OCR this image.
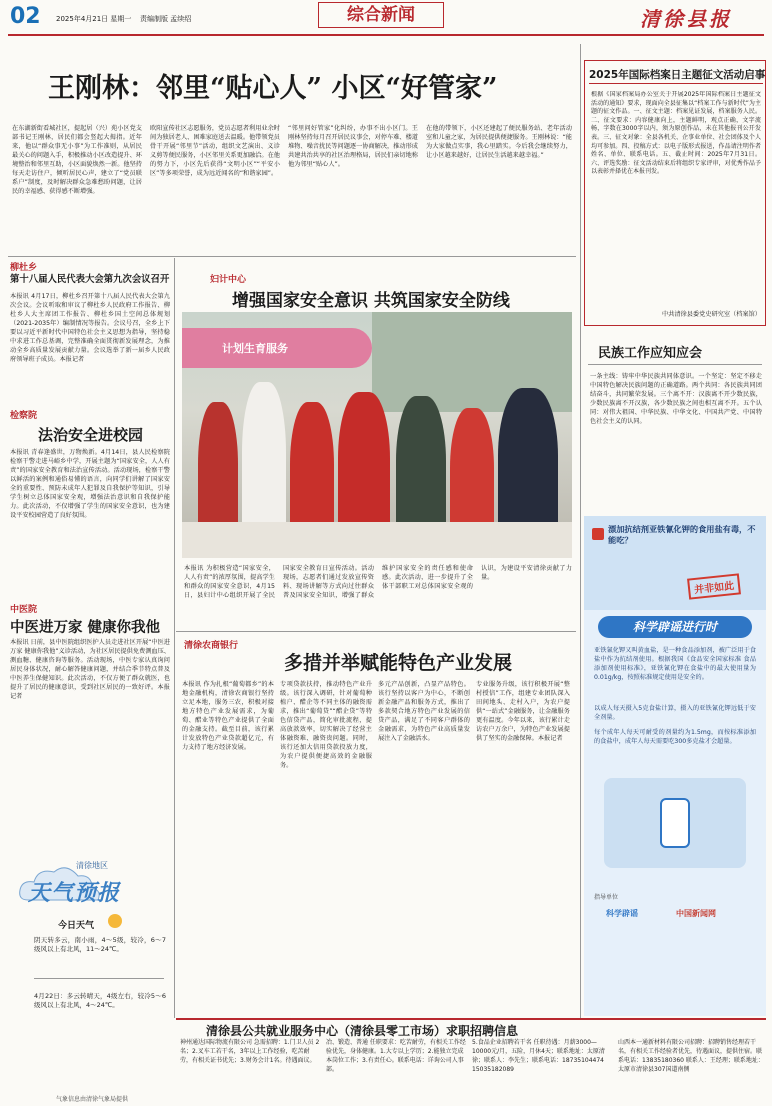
02 2025年4月21日 星期一 责编制版 孟续绍	综合新闻	清徐县报
王刚林：邻里“贴心人” 小区“好管家”
在东湖新街看城社区，提起居（兴）苑小区党支部书记王刚林，居民们都会竖起大拇指。近年来，他以“群众事无小事”为工作准则，从居民最关心的问题入手，积极推动小区改造提升、环境整治和邻里互助，小区面貌焕然一新。他坚持每天走访住户，倾听居民心声，建立了“党员联系户”制度，及时解决群众急难愁盼问题，让居民的幸福感、获得感不断增强。
欧阳宣传社区志愿服务，党员志愿者利用业余时间为独居老人、困难家庭送去温暖。他带领党员骨干开展“邻里节”活动，组织文艺演出、义诊义剪等便民服务，小区邻里关系更加融洽。在他的努力下，小区先后获得“文明小区”“平安小区”等多项荣誉，成为远近闻名的“和谐家园”。
“邻里问好管家”化纠纷，办事不出小区门。王刚林坚持每月召开居民议事会，对停车难、楼道堆物、噪音扰民等问题逐一协商解决，推动形成共建共治共享的社区治理格局，居民们亲切地称他为邻里“贴心人”。
在他的带领下，小区还建起了便民服务站、老年活动室和儿童之家，为居民提供便捷服务。王刚林说：“能为大家做点实事，我心里踏实。今后我会继续努力，让小区越来越好，让居民生活越来越幸福。”
柳杜乡
第十八届人民代表大会第九次会议召开
本报讯 4月17日，柳杜乡召开第十八届人民代表大会第九次会议。会议听取和审议了柳杜乡人民政府工作报告、柳杜乡人大主席团工作报告、柳杜乡国土空间总体规划（2021-2035年）编制情况等报告。会议号召，全乡上下要以习近平新时代中国特色社会主义思想为指导，坚持稳中求进工作总基调，完整准确全面贯彻新发展理念，为推动全乡高质量发展贡献力量。会议选举了新一届乡人民政府领导班子成员。本报记者
检察院
法治安全进校园
本报讯 青春逢盛世，万物焕新。4月14日，县人民检察院检察干警走进马峪乡中学，开展主题为“国家安全，人人有责”的国家安全教育和法治宣传活动。活动现场，检察干警以鲜活的案例和通俗易懂的语言，向同学们讲解了国家安全的重要性、预防未成年人犯罪及自我保护等知识，引导学生树立总体国家安全观，增强法治意识和自我保护能力。此次活动，不仅增强了学生的国家安全意识，也为建设平安校园营造了良好氛围。
中医院
中医进万家 健康你我他
本报讯 日前，县中医院组织医护人员走进社区开展“中医进万家 健康你我他”义诊活动，为社区居民提供免费测血压、测血糖、健康咨询等服务。活动现场，中医专家认真询问居民身体状况，耐心解答健康问题，并结合季节特点普及中医养生保健知识。此次活动，不仅方便了群众就医，也提升了居民的健康意识，受到社区居民的一致好评。本报记者
清徐地区
天气预报
今日天气
阴天转多云，南小雨，4～5级，较冷，6～7级风以上有北风，11～24℃。
4月22日：多云转晴天，4级左右，较冷5～6级风以上有北风，4～24℃。
气象信息由清徐气象局提供
妇计中心
增强国家安全意识 共筑国家安全防线
计划生育服务
本报讯 为积极营造“国家安全，人人有责”的浓厚氛围，提高学生和群众的国家安全意识，4月15日，县妇计中心组织开展了全民国家安全教育日宣传活动。活动现场，志愿者们通过发放宣传资料、现场讲解等方式向过往群众普及国家安全知识，增强了群众维护国家安全的责任感和使命感。此次活动，进一步提升了全体干部职工对总体国家安全观的认识，为建设平安清徐贡献了力量。
清徐农商银行
多措并举赋能特色产业发展
本报讯 作为扎根“葡萄都乡”的本地金融机构，清徐农商银行坚持立足本地，服务三农，积极对接地方特色产业发展需求，为葡萄、醋业等特色产业提供了全面的金融支持。截至目前，该行累计发放特色产业贷款超亿元，有力支持了地方经济发展。
专项贷款扶持，推动特色产业升级。该行深入调研，针对葡萄种植户、醋企等不同主体的融资需求，推出“葡萄贷”“醋企贷”等特色信贷产品，简化审批流程，提高放款效率，切实解决了经营主体融资难、融资贵问题。同时，该行还加大信用贷款投放力度，为农户提供便捷高效的金融服务。
多元产品创新，凸显产品特色。该行坚持以客户为中心，不断创新金融产品和服务方式，推出了多款契合地方特色产业发展的信贷产品，满足了不同客户群体的金融需求，为特色产业高质量发展注入了金融活水。
专业服务升级，该行积极开展“整村授信”工作，组建专业团队深入田间地头、走村入户，为农户提供“一站式”金融服务，让金融服务更有温度。今年以来，该行累计走访农户万余户，为特色产业发展提供了坚实的金融保障。本报记者
2025年国际档案日主题征文活动启事
根据《国家档案局办公室关于开展2025年国际档案日主题征文活动的通知》要求，现面向全县征集以“档案工作与新时代”为主题的征文作品。一、征文主题：档案见证发展，档案服务人民。二、征文要求：内容健康向上，主题鲜明，观点正确，文字流畅，字数在3000字以内，须为原创作品，未在其他报刊公开发表。三、征文对象：全县各机关、企事业单位、社会团体及个人均可参加。四、投稿方式：以电子版形式报送，作品请注明作者姓名、单位、联系电话。五、截止时间：2025年7月31日。六、评选奖励：征文活动结束后将组织专家评审，对优秀作品予以表彰并择优在本报刊发。
中共清徐县委党史研究室（档案馆）
民族工作应知应会
一条主线：铸牢中华民族共同体意识。一个坚定：坚定不移走中国特色解决民族问题的正确道路。两个共同：各民族共同团结奋斗，共同繁荣发展。三个离不开：汉族离不开少数民族，少数民族离不开汉族，各少数民族之间也相互离不开。五个认同：对伟大祖国、中华民族、中华文化、中国共产党、中国特色社会主义的认同。
漂加抗结剂亚铁氰化钾的食用盐有毒，不能吃？
并非如此
科学辟谣进行时
亚铁氰化钾又叫黄血盐，是一种食品添加剂，被广泛用于食盐中作为抗结剂使用。根据我国《食品安全国家标准 食品添加剂使用标准》，亚铁氰化钾在食盐中的最大使用量为0.01g/kg，按照标准规定使用是安全的。
以成人每天摄入5克食盐计算，摄入的亚铁氰化钾远低于安全剂量。
每个成年人每天可耐受的剂量约为1.5mg，而按标准添加的食盐中，成年人每天需要吃300多克盐才会超量。
指导单位
科学辟谣	中国新闻网
清徐县公共就业服务中心（清徐县零工市场）求职招聘信息
神州通达国际物流有限公司 急需招聘：1.门卫人员 2名；2.叉车工若干名，3年以上工作经验，吃苦耐劳，有相关证书优先；3.财务会计1名。待遇面议。
冶、锻造、普通 任职要求：吃苦耐劳，有相关工作经验优先，身体健康。1.大专以上学历；2.能独立完成本岗位工作；3.有责任心。联系电话：详询公司人事部。
5.食品企业招聘若干名 任职待遇：月薪3000—10000元/月，五险，月休4天；联系地址：太原清徐；联系人：李先生；联系电话：18735104474 15035182089
山西本一通新材料有限公司招聘：招聘销售经理若干名，有相关工作经验者优先，待遇面议，提供住宿。联系电话：13835180360 联系人：王经理；联系地址：太原市清徐县307国道南侧
